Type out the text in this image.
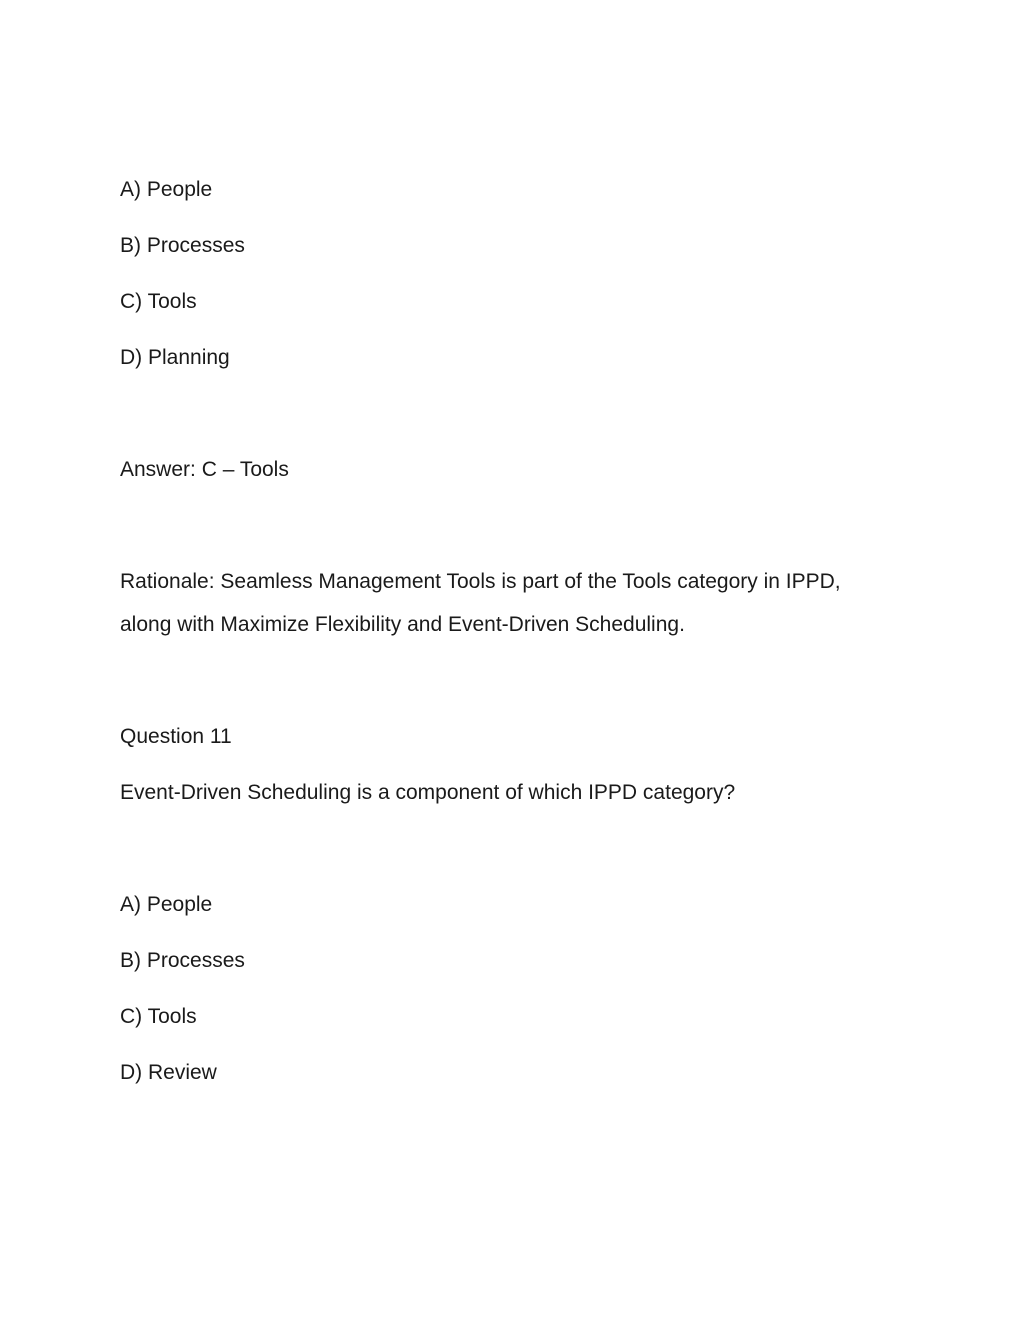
A) People

B) Processes

C) Tools

D) Planning

Answer: C – Tools

Rationale: Seamless Management Tools is part of the Tools category in IPPD,

along with Maximize Flexibility and Event-Driven Scheduling.

Question 11

Event-Driven Scheduling is a component of which IPPD category?

A) People

B) Processes

C) Tools

D) Review
